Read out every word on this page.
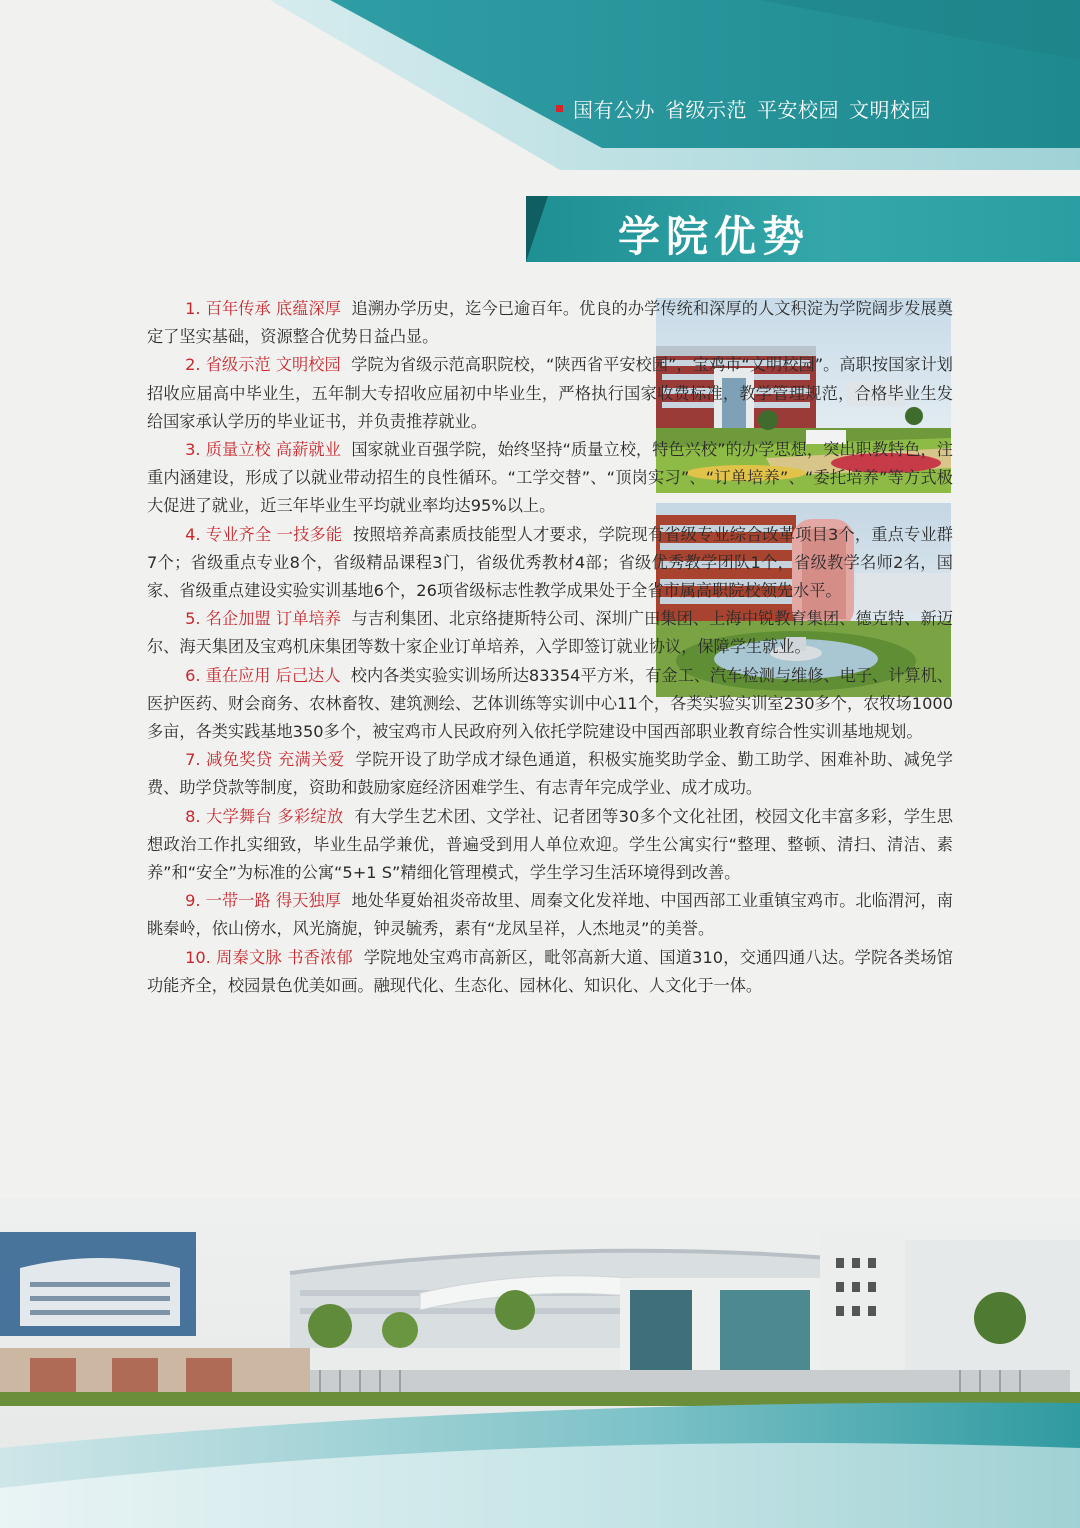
国有公办 省级示范 平安校园 文明校园
学院优势

1. 百年传承 底蕴深厚 追溯办学历史，迄今已逾百年。优良的办学传统和深厚的人文积淀为学院阔步发展奠定了坚实基础，资源整合优势日益凸显。

2. 省级示范 文明校园 学院为省级示范高职院校，“陕西省平安校园”，宝鸡市“文明校园”。高职按国家计划招收应届高中毕业生，五年制大专招收应届初中毕业生，严格执行国家收费标准，教学管理规范，合格毕业生发给国家承认学历的毕业证书，并负责推荐就业。

3. 质量立校 高薪就业 国家就业百强学院，始终坚持“质量立校，特色兴校”的办学思想，突出职教特色，注重内涵建设，形成了以就业带动招生的良性循环。“工学交替”、“顶岗实习”、“订单培养”、“委托培养”等方式极大促进了就业，近三年毕业生平均就业率均达95%以上。

4. 专业齐全 一技多能 按照培养高素质技能型人才要求，学院现有省级专业综合改革项目3个，重点专业群7个；省级重点专业8个，省级精品课程3门，省级优秀教材4部；省级优秀教学团队1个，省级教学名师2名，国家、省级重点建设实验实训基地6个，26项省级标志性教学成果处于全省市属高职院校领先水平。

5. 名企加盟 订单培养 与吉利集团、北京络捷斯特公司、深圳广田集团、上海中锐教育集团、德克特、新迈尔、海天集团及宝鸡机床集团等数十家企业订单培养，入学即签订就业协议，保障学生就业。

6. 重在应用 后己达人 校内各类实验实训场所达83354平方米，有金工、汽车检测与维修、电子、计算机、医护医药、财会商务、农林畜牧、建筑测绘、艺体训练等实训中心11个，各类实验实训室230多个，农牧场1000多亩，各类实践基地350多个，被宝鸡市人民政府列入依托学院建设中国西部职业教育综合性实训基地规划。

7. 减免奖贷 充满关爱 学院开设了助学成才绿色通道，积极实施奖助学金、勤工助学、困难补助、减免学费、助学贷款等制度，资助和鼓励家庭经济困难学生、有志青年完成学业、成才成功。

8. 大学舞台 多彩绽放 有大学生艺术团、文学社、记者团等30多个文化社团，校园文化丰富多彩，学生思想政治工作扎实细致，毕业生品学兼优，普遍受到用人单位欢迎。学生公寓实行“整理、整顿、清扫、清洁、素养”和“安全”为标准的公寓“5+1 S”精细化管理模式，学生学习生活环境得到改善。

9. 一带一路 得天独厚 地处华夏始祖炎帝故里、周秦文化发祥地、中国西部工业重镇宝鸡市。北临渭河，南眺秦岭，依山傍水，风光旖旎，钟灵毓秀，素有“龙凤呈祥，人杰地灵”的美誉。

10. 周秦文脉 书香浓郁 学院地处宝鸡市高新区，毗邻高新大道、国道310，交通四通八达。学院各类场馆功能齐全，校园景色优美如画。融现代化、生态化、园林化、知识化、人文化于一体。
